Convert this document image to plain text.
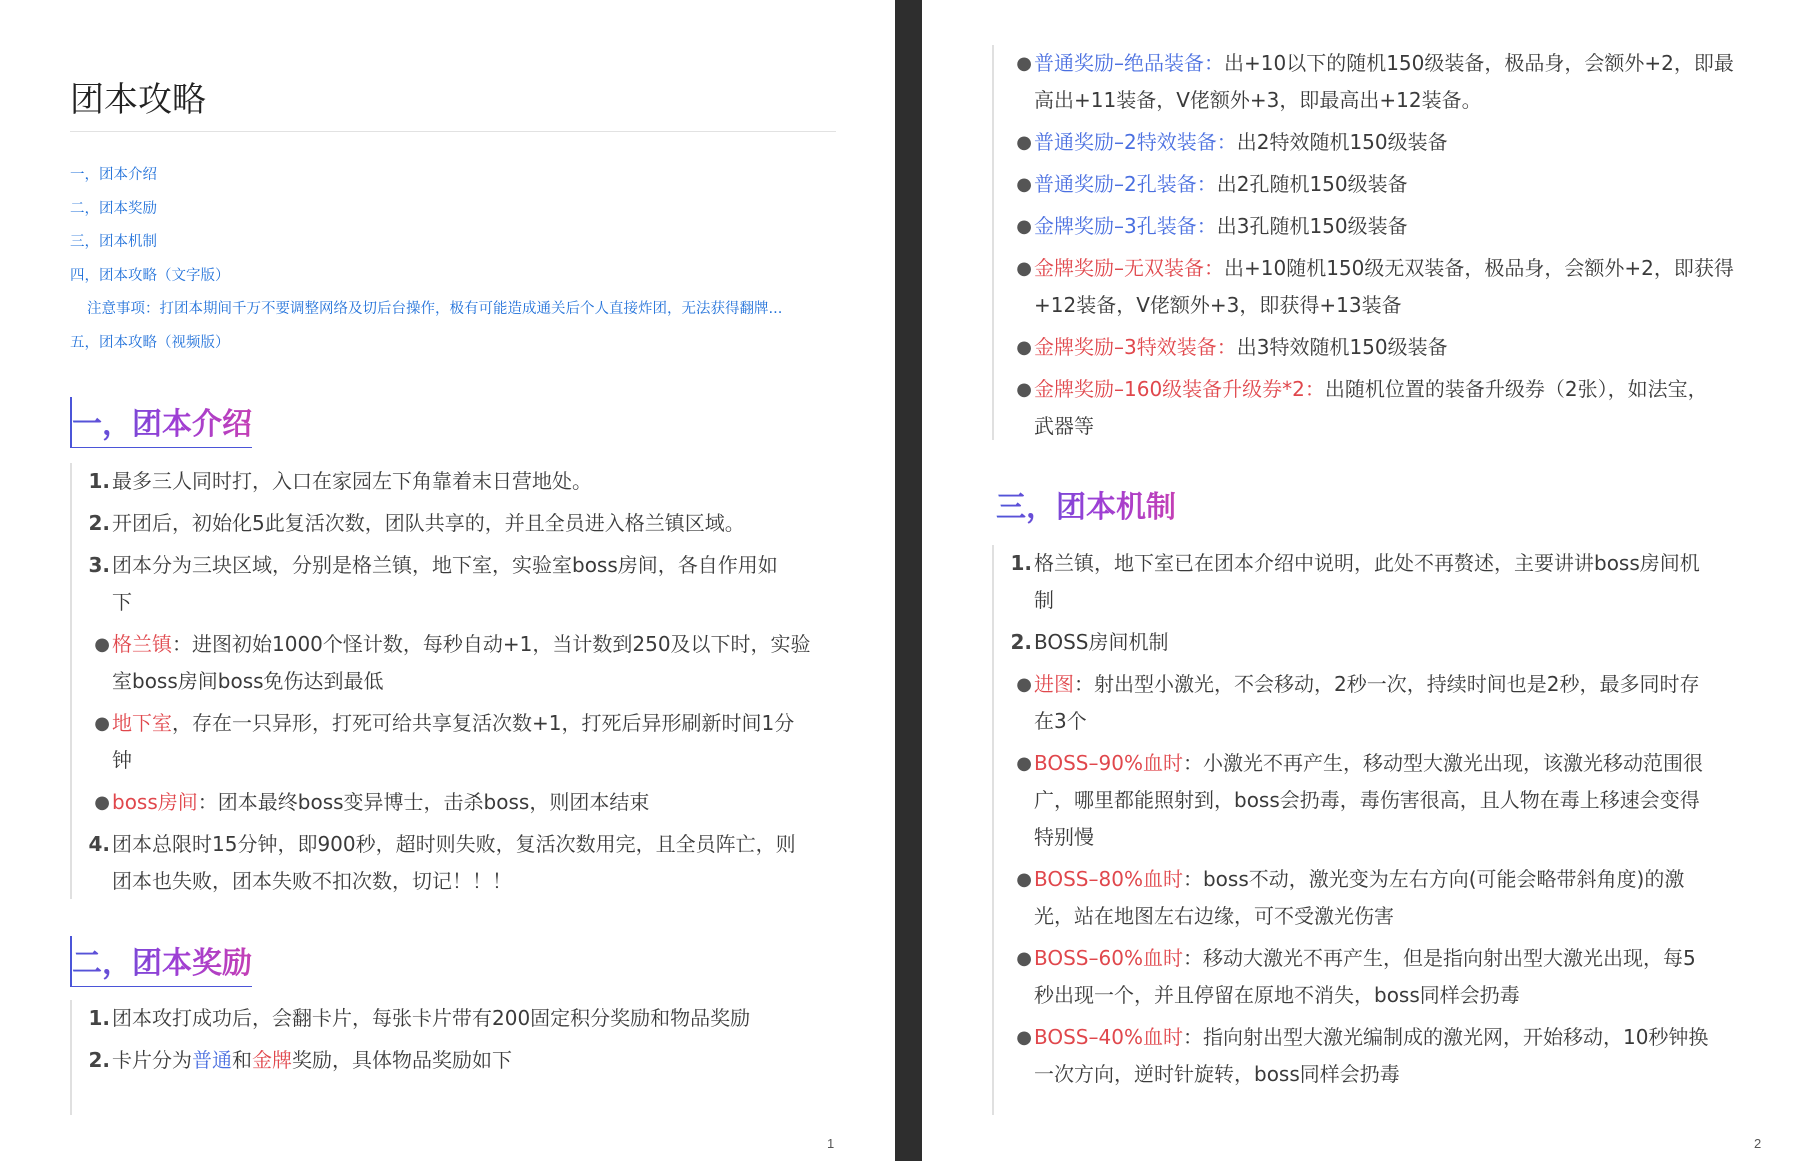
团本攻略
一，团本介绍
二，团本奖励
三，团本机制
四，团本攻略（文字版）
注意事项：打团本期间千万不要调整网络及切后台操作，极有可能造成通关后个人直接炸团，无法获得翻牌...
五，团本攻略（视频版）
一，团本介绍
1. 最多三人同时打，入口在家园左下角靠着末日营地处。
2. 开团后，初始化5此复活次数，团队共享的，并且全员进入格兰镇区域。
3. 团本分为三块区域，分别是格兰镇，地下室，实验室boss房间，各自作用如
下
● 格兰镇：进图初始1000个怪计数，每秒自动+1，当计数到250及以下时，实验
室boss房间boss免伤达到最低
● 地下室，存在一只异形，打死可给共享复活次数+1，打死后异形刷新时间1分
钟
● boss房间：团本最终boss变异博士，击杀boss，则团本结束
4. 团本总限时15分钟，即900秒，超时则失败，复活次数用完，且全员阵亡，则
团本也失败，团本失败不扣次数，切记！！！
二，团本奖励
1. 团本攻打成功后，会翻卡片，每张卡片带有200固定积分奖励和物品奖励
2. 卡片分为普通和金牌奖励，具体物品奖励如下
1
● 普通奖励–绝品装备：出+10以下的随机150级装备，极品身，会额外+2，即最
高出+11装备，V佬额外+3，即最高出+12装备。
● 普通奖励–2特效装备：出2特效随机150级装备
● 普通奖励–2孔装备：出2孔随机150级装备
● 金牌奖励–3孔装备：出3孔随机150级装备
● 金牌奖励–无双装备：出+10随机150级无双装备，极品身，会额外+2，即获得
+12装备，V佬额外+3，即获得+13装备
● 金牌奖励–3特效装备：出3特效随机150级装备
● 金牌奖励–160级装备升级券*2：出随机位置的装备升级券（2张），如法宝，
武器等
三，团本机制
1. 格兰镇，地下室已在团本介绍中说明，此处不再赘述，主要讲讲boss房间机
制
2. BOSS房间机制
● 进图：射出型小激光，不会移动，2秒一次，持续时间也是2秒，最多同时存
在3个
● BOSS–90%血时：小激光不再产生，移动型大激光出现，该激光移动范围很
广，哪里都能照射到，boss会扔毒，毒伤害很高，且人物在毒上移速会变得
特别慢
● BOSS–80%血时：boss不动，激光变为左右方向(可能会略带斜角度)的激
光，站在地图左右边缘，可不受激光伤害
● BOSS–60%血时：移动大激光不再产生，但是指向射出型大激光出现，每5
秒出现一个，并且停留在原地不消失，boss同样会扔毒
● BOSS–40%血时：指向射出型大激光编制成的激光网，开始移动，10秒钟换
一次方向，逆时针旋转，boss同样会扔毒
2
